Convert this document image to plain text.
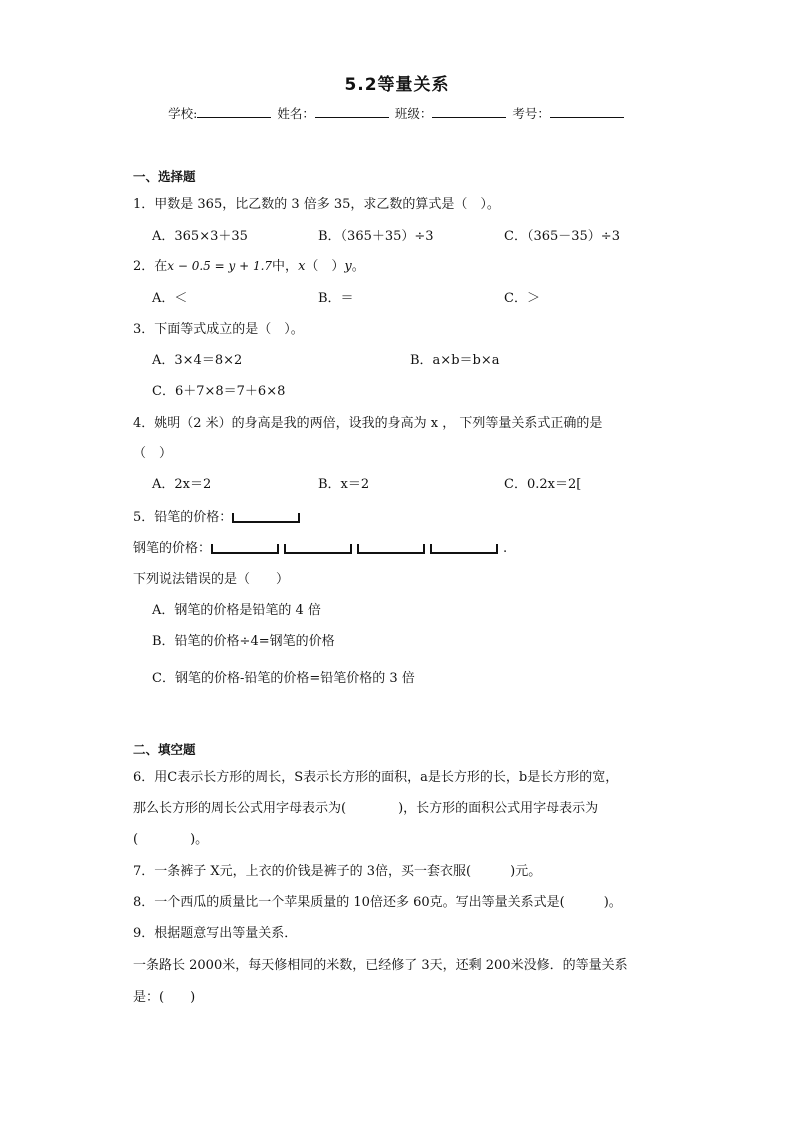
5.2等量关系
学校:	姓名：	班级：	考号：
一、选择题
1．甲数是 365，比乙数的 3 倍多 35，求乙数的算式是（　）。
A．365×3＋35	B．（365＋35）÷3	C．（365－35）÷3
2．在x − 0.5 = y + 1.7中，x（　）y。
A．＜	B．＝	C．＞
3．下面等式成立的是（　）。
A．3×4＝8×2	B．a×b＝b×a
C．6＋7×8＝7＋6×8
4．姚明（2 米）的身高是我的两倍，设我的身高为 x ， 下列等量关系式正确的是
（　）
A．2x＝2	B．x＝2	C．0.2x＝2[
5．铅笔的价格：
钢笔的价格：	.
下列说法错误的是（　　）
A．钢笔的价格是铅笔的 4 倍
B．铅笔的价格÷4=钢笔的价格
C．钢笔的价格-铅笔的价格=铅笔价格的 3 倍
二、填空题
6．用C表示长方形的周长，S表示长方形的面积，a是长方形的长，b是长方形的宽，
那么长方形的周长公式用字母表示为(　　　　)，长方形的面积公式用字母表示为
(　　　　)。
7．一条裤子 X元，上衣的价钱是裤子的 3倍，买一套衣服(　　　)元。
8．一个西瓜的质量比一个苹果质量的 10倍还多 60克。写出等量关系式是(　　　)。
9．根据题意写出等量关系．
一条路长 2000米，每天修相同的米数，已经修了 3天，还剩 200米没修．的等量关系
是：(　　)
